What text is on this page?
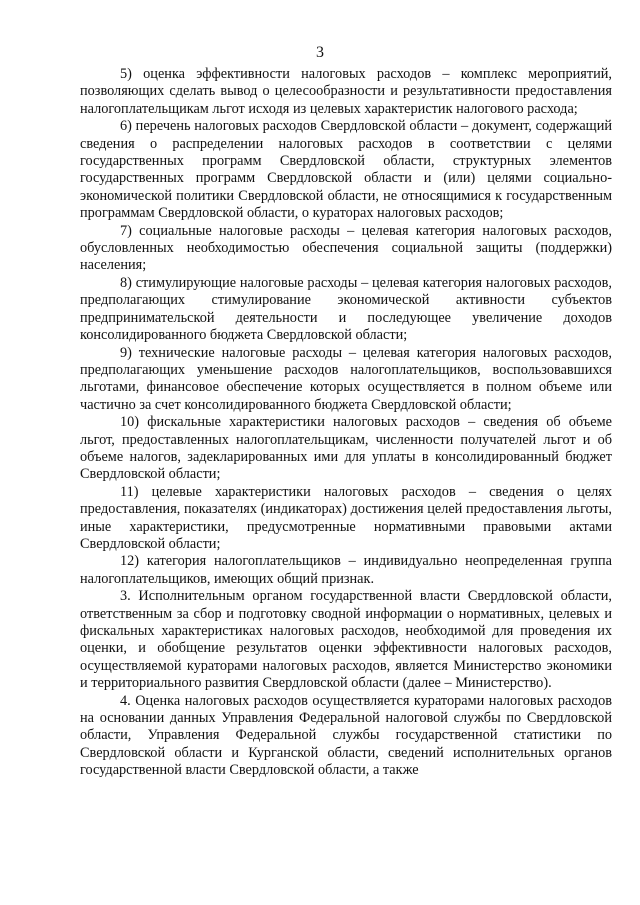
3

5) оценка эффективности налоговых расходов – комплекс мероприятий, позволяющих сделать вывод о целесообразности и результативности предоставления налогоплательщикам льгот исходя из целевых характеристик налогового расхода;

6) перечень налоговых расходов Свердловской области – документ, содержащий сведения о распределении налоговых расходов в соответствии с целями государственных программ Свердловской области, структурных элементов государственных программ Свердловской области и (или) целями социально-экономической политики Свердловской области, не относящимися к государственным программам Свердловской области, о кураторах налоговых расходов;

7) социальные налоговые расходы – целевая категория налоговых расходов, обусловленных необходимостью обеспечения социальной защиты (поддержки) населения;

8) стимулирующие налоговые расходы – целевая категория налоговых расходов, предполагающих стимулирование экономической активности субъектов предпринимательской деятельности и последующее увеличение доходов консолидированного бюджета Свердловской области;

9) технические налоговые расходы – целевая категория налоговых расходов, предполагающих уменьшение расходов налогоплательщиков, воспользовавшихся льготами, финансовое обеспечение которых осуществляется в полном объеме или частично за счет консолидированного бюджета Свердловской области;

10) фискальные характеристики налоговых расходов – сведения об объеме льгот, предоставленных налогоплательщикам, численности получателей льгот и об объеме налогов, задекларированных ими для уплаты в консолидированный бюджет Свердловской области;

11) целевые характеристики налоговых расходов – сведения о целях предоставления, показателях (индикаторах) достижения целей предоставления льготы, иные характеристики, предусмотренные нормативными правовыми актами Свердловской области;

12) категория налогоплательщиков – индивидуально неопределенная группа налогоплательщиков, имеющих общий признак.

3. Исполнительным органом государственной власти Свердловской области, ответственным за сбор и подготовку сводной информации о нормативных, целевых и фискальных характеристиках налоговых расходов, необходимой для проведения их оценки, и обобщение результатов оценки эффективности налоговых расходов, осуществляемой кураторами налоговых расходов, является Министерство экономики и территориального развития Свердловской области (далее – Министерство).

4. Оценка налоговых расходов осуществляется кураторами налоговых расходов на основании данных Управления Федеральной налоговой службы по Свердловской области, Управления Федеральной службы государственной статистики по Свердловской области и Курганской области, сведений исполнительных органов государственной власти Свердловской области, а также
